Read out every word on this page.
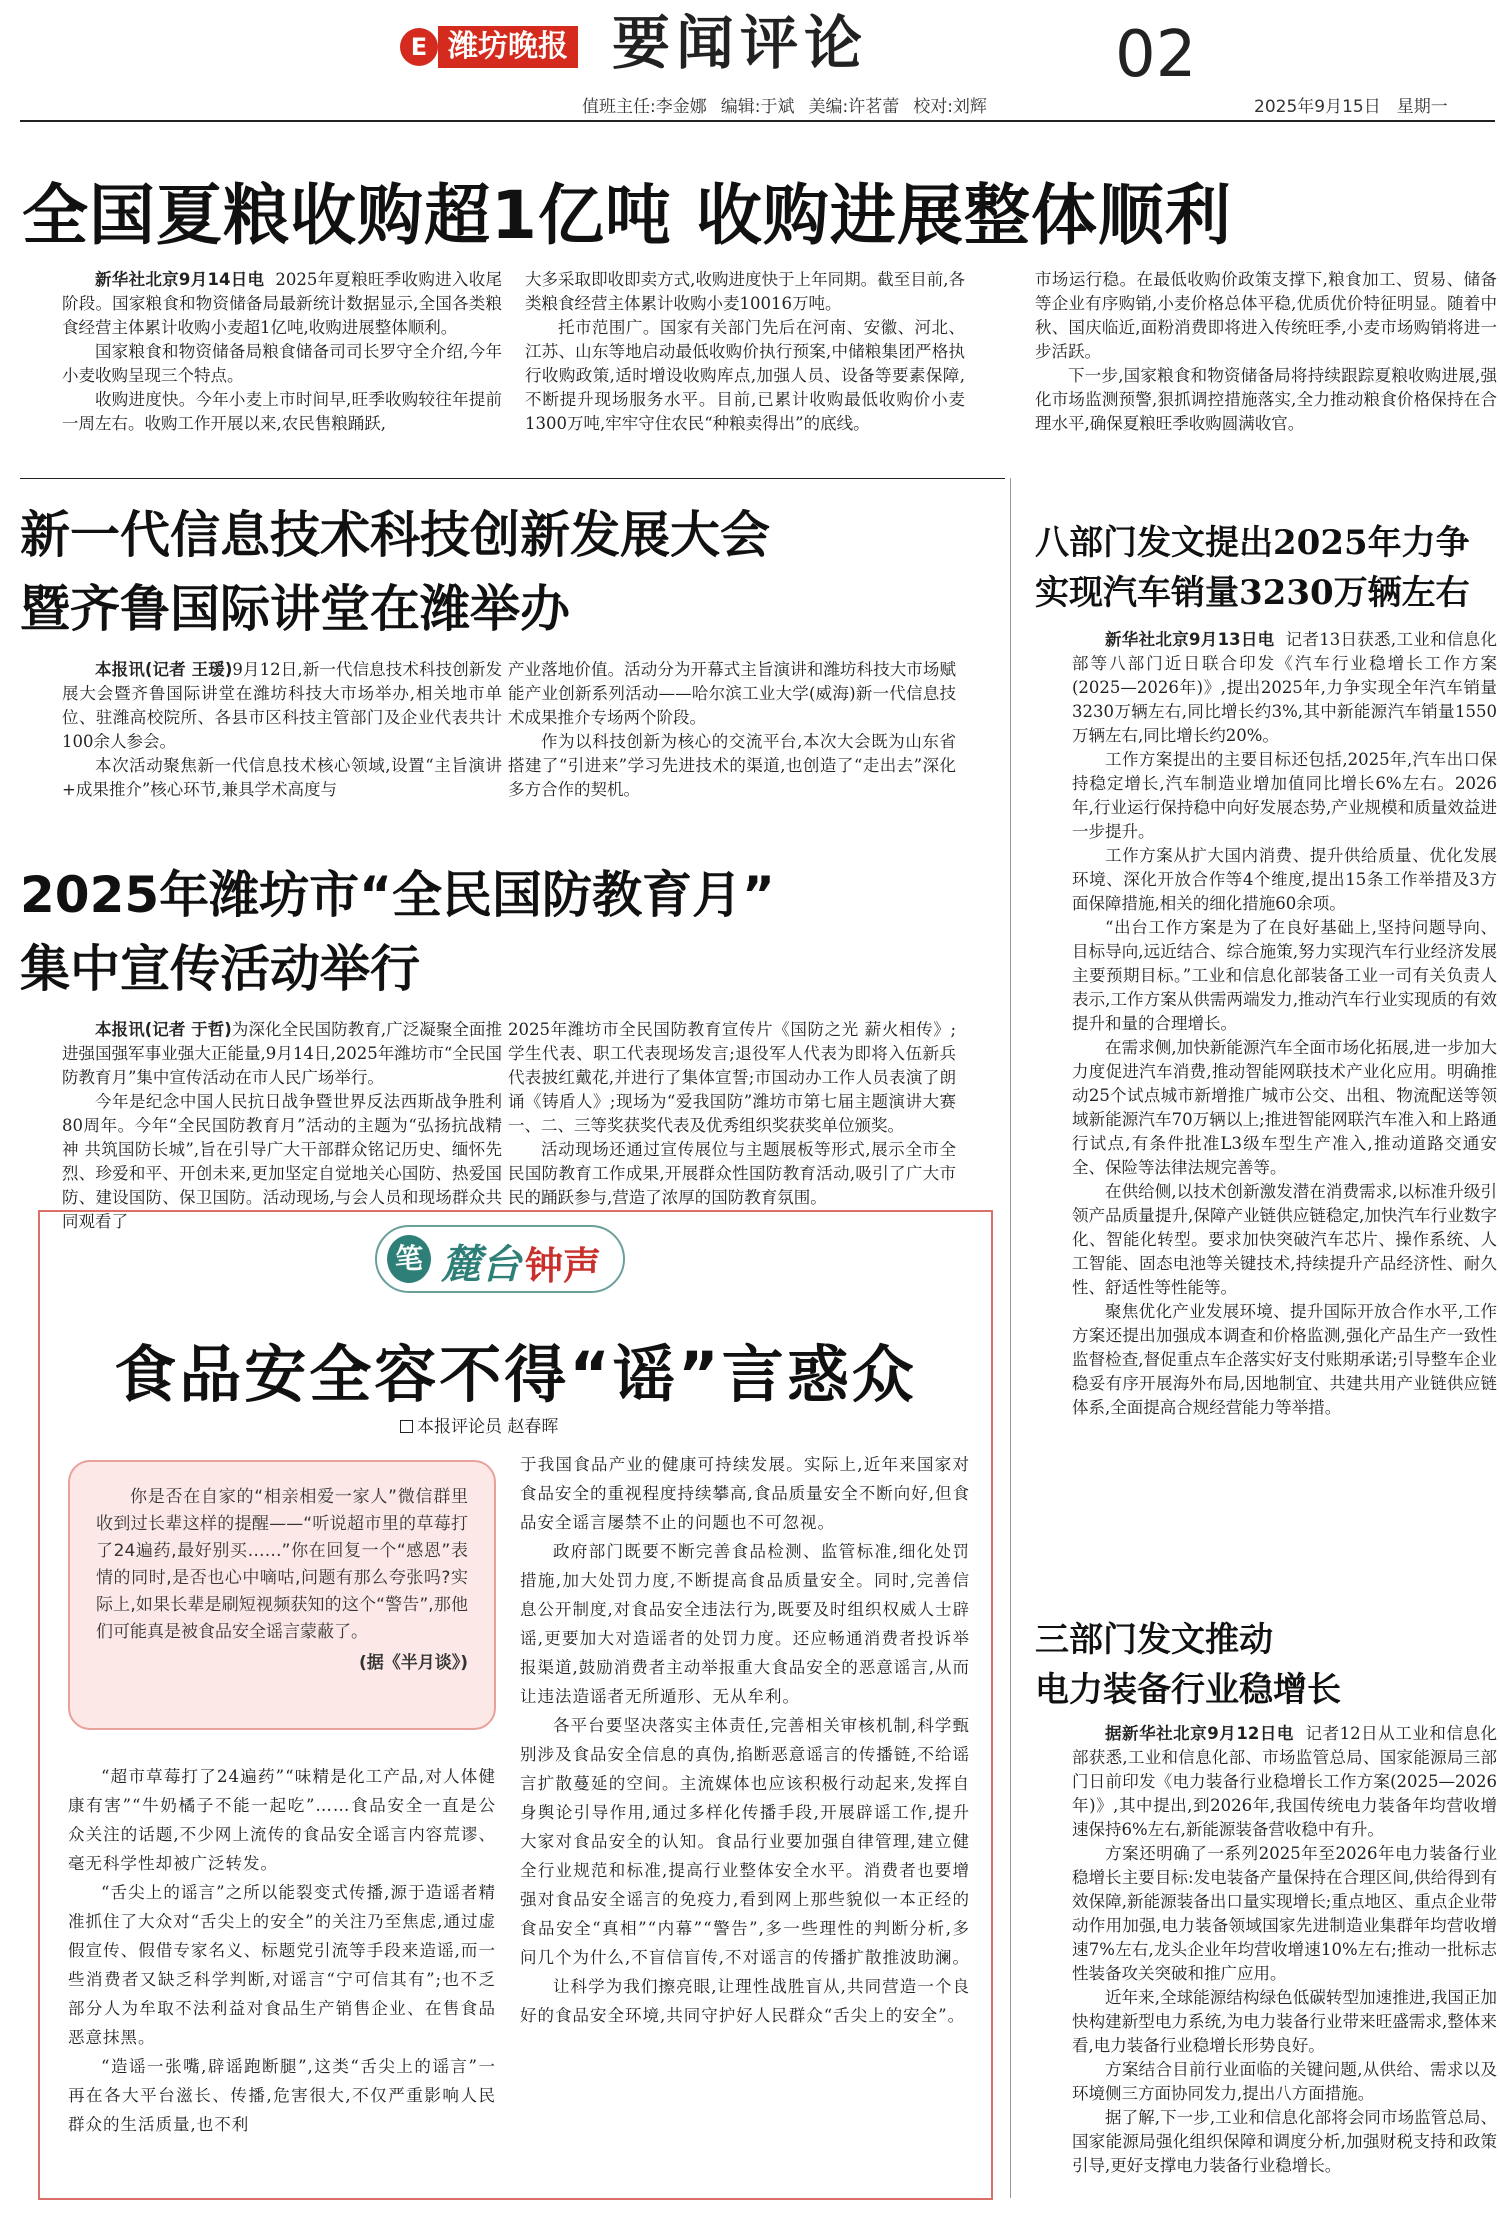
E 潍坊晚报 要闻评论	02
值班主任:李金娜 编辑:于斌 美编:许茗蕾 校对:刘辉	2025年9月15日 星期一
全国夏粮收购超1亿吨 收购进展整体顺利

新华社北京9月14日电 2025年夏粮旺季收购进入收尾阶段。国家粮食和物资储备局最新统计数据显示,全国各类粮食经营主体累计收购小麦超1亿吨,收购进展整体顺利。

国家粮食和物资储备局粮食储备司司长罗守全介绍,今年小麦收购呈现三个特点。

收购进度快。今年小麦上市时间早,旺季收购较往年提前一周左右。收购工作开展以来,农民售粮踊跃,

大多采取即收即卖方式,收购进度快于上年同期。截至目前,各类粮食经营主体累计收购小麦10016万吨。

托市范围广。国家有关部门先后在河南、安徽、河北、江苏、山东等地启动最低收购价执行预案,中储粮集团严格执行收购政策,适时增设收购库点,加强人员、设备等要素保障,不断提升现场服务水平。目前,已累计收购最低收购价小麦1300万吨,牢牢守住农民“种粮卖得出”的底线。

市场运行稳。在最低收购价政策支撑下,粮食加工、贸易、储备等企业有序购销,小麦价格总体平稳,优质优价特征明显。随着中秋、国庆临近,面粉消费即将进入传统旺季,小麦市场购销将进一步活跃。

下一步,国家粮食和物资储备局将持续跟踪夏粮收购进展,强化市场监测预警,狠抓调控措施落实,全力推动粮食价格保持在合理水平,确保夏粮旺季收购圆满收官。

新一代信息技术科技创新发展大会
暨齐鲁国际讲堂在潍举办

本报讯(记者 王瑗)9月12日,新一代信息技术科技创新发展大会暨齐鲁国际讲堂在潍坊科技大市场举办,相关地市单位、驻潍高校院所、各县市区科技主管部门及企业代表共计100余人参会。

本次活动聚焦新一代信息技术核心领域,设置“主旨演讲+成果推介”核心环节,兼具学术高度与

产业落地价值。活动分为开幕式主旨演讲和潍坊科技大市场赋能产业创新系列活动——哈尔滨工业大学(威海)新一代信息技术成果推介专场两个阶段。

作为以科技创新为核心的交流平台,本次大会既为山东省搭建了“引进来”学习先进技术的渠道,也创造了“走出去”深化多方合作的契机。

2025年潍坊市“全民国防教育月”
集中宣传活动举行

本报讯(记者 于哲)为深化全民国防教育,广泛凝聚全面推进强国强军事业强大正能量,9月14日,2025年潍坊市“全民国防教育月”集中宣传活动在市人民广场举行。

今年是纪念中国人民抗日战争暨世界反法西斯战争胜利80周年。今年“全民国防教育月”活动的主题为“弘扬抗战精神 共筑国防长城”,旨在引导广大干部群众铭记历史、缅怀先烈、珍爱和平、开创未来,更加坚定自觉地关心国防、热爱国防、建设国防、保卫国防。活动现场,与会人员和现场群众共同观看了

2025年潍坊市全民国防教育宣传片《国防之光 薪火相传》;学生代表、职工代表现场发言;退役军人代表为即将入伍新兵代表披红戴花,并进行了集体宣誓;市国动办工作人员表演了朗诵《铸盾人》;现场为“爱我国防”潍坊市第七届主题演讲大赛一、二、三等奖获奖代表及优秀组织奖获奖单位颁奖。

活动现场还通过宣传展位与主题展板等形式,展示全市全民国防教育工作成果,开展群众性国防教育活动,吸引了广大市民的踊跃参与,营造了浓厚的国防教育氛围。

八部门发文提出2025年力争
实现汽车销量3230万辆左右

新华社北京9月13日电 记者13日获悉,工业和信息化部等八部门近日联合印发《汽车行业稳增长工作方案(2025—2026年)》,提出2025年,力争实现全年汽车销量3230万辆左右,同比增长约3%,其中新能源汽车销量1550万辆左右,同比增长约20%。

工作方案提出的主要目标还包括,2025年,汽车出口保持稳定增长,汽车制造业增加值同比增长6%左右。2026年,行业运行保持稳中向好发展态势,产业规模和质量效益进一步提升。

工作方案从扩大国内消费、提升供给质量、优化发展环境、深化开放合作等4个维度,提出15条工作举措及3方面保障措施,相关的细化措施60余项。

“出台工作方案是为了在良好基础上,坚持问题导向、目标导向,远近结合、综合施策,努力实现汽车行业经济发展主要预期目标。”工业和信息化部装备工业一司有关负责人表示,工作方案从供需两端发力,推动汽车行业实现质的有效提升和量的合理增长。

在需求侧,加快新能源汽车全面市场化拓展,进一步加大力度促进汽车消费,推动智能网联技术产业化应用。明确推动25个试点城市新增推广城市公交、出租、物流配送等领域新能源汽车70万辆以上;推进智能网联汽车准入和上路通行试点,有条件批准L3级车型生产准入,推动道路交通安全、保险等法律法规完善等。

在供给侧,以技术创新激发潜在消费需求,以标准升级引领产品质量提升,保障产业链供应链稳定,加快汽车行业数字化、智能化转型。要求加快突破汽车芯片、操作系统、人工智能、固态电池等关键技术,持续提升产品经济性、耐久性、舒适性等性能等。

聚焦优化产业发展环境、提升国际开放合作水平,工作方案还提出加强成本调查和价格监测,强化产品生产一致性监督检查,督促重点车企落实好支付账期承诺;引导整车企业稳妥有序开展海外布局,因地制宜、共建共用产业链供应链体系,全面提高合规经营能力等举措。

三部门发文推动
电力装备行业稳增长

据新华社北京9月12日电 记者12日从工业和信息化部获悉,工业和信息化部、市场监管总局、国家能源局三部门日前印发《电力装备行业稳增长工作方案(2025—2026年)》,其中提出,到2026年,我国传统电力装备年均营收增速保持6%左右,新能源装备营收稳中有升。

方案还明确了一系列2025年至2026年电力装备行业稳增长主要目标:发电装备产量保持在合理区间,供给得到有效保障,新能源装备出口量实现增长;重点地区、重点企业带动作用加强,电力装备领域国家先进制造业集群年均营收增速7%左右,龙头企业年均营收增速10%左右;推动一批标志性装备攻关突破和推广应用。

近年来,全球能源结构绿色低碳转型加速推进,我国正加快构建新型电力系统,为电力装备行业带来旺盛需求,整体来看,电力装备行业稳增长形势良好。

方案结合目前行业面临的关键问题,从供给、需求以及环境侧三方面协同发力,提出八方面措施。

据了解,下一步,工业和信息化部将会同市场监管总局、国家能源局强化组织保障和调度分析,加强财税支持和政策引导,更好支撑电力装备行业稳增长。

笔 麓台 钟声
食品安全容不得“谣”言惑众
本报评论员 赵春晖

你是否在自家的“相亲相爱一家人”微信群里收到过长辈这样的提醒——“听说超市里的草莓打了24遍药,最好别买……”你在回复一个“感恩”表情的同时,是否也心中嘀咕,问题有那么夸张吗?实际上,如果长辈是刷短视频获知的这个“警告”,那他们可能真是被食品安全谣言蒙蔽了。

(据《半月谈》)

“超市草莓打了24遍药”“味精是化工产品,对人体健康有害”“牛奶橘子不能一起吃”……食品安全一直是公众关注的话题,不少网上流传的食品安全谣言内容荒谬、毫无科学性却被广泛转发。

“舌尖上的谣言”之所以能裂变式传播,源于造谣者精准抓住了大众对“舌尖上的安全”的关注乃至焦虑,通过虚假宣传、假借专家名义、标题党引流等手段来造谣,而一些消费者又缺乏科学判断,对谣言“宁可信其有”;也不乏部分人为牟取不法利益对食品生产销售企业、在售食品恶意抹黑。

“造谣一张嘴,辟谣跑断腿”,这类“舌尖上的谣言”一再在各大平台滋长、传播,危害很大,不仅严重影响人民群众的生活质量,也不利

于我国食品产业的健康可持续发展。实际上,近年来国家对食品安全的重视程度持续攀高,食品质量安全不断向好,但食品安全谣言屡禁不止的问题也不可忽视。

政府部门既要不断完善食品检测、监管标准,细化处罚措施,加大处罚力度,不断提高食品质量安全。同时,完善信息公开制度,对食品安全违法行为,既要及时组织权威人士辟谣,更要加大对造谣者的处罚力度。还应畅通消费者投诉举报渠道,鼓励消费者主动举报重大食品安全的恶意谣言,从而让违法造谣者无所遁形、无从牟利。

各平台要坚决落实主体责任,完善相关审核机制,科学甄别涉及食品安全信息的真伪,掐断恶意谣言的传播链,不给谣言扩散蔓延的空间。主流媒体也应该积极行动起来,发挥自身舆论引导作用,通过多样化传播手段,开展辟谣工作,提升大家对食品安全的认知。食品行业要加强自律管理,建立健全行业规范和标准,提高行业整体安全水平。消费者也要增强对食品安全谣言的免疫力,看到网上那些貌似一本正经的食品安全“真相”“内幕”“警告”,多一些理性的判断分析,多问几个为什么,不盲信盲传,不对谣言的传播扩散推波助澜。

让科学为我们擦亮眼,让理性战胜盲从,共同营造一个良好的食品安全环境,共同守护好人民群众“舌尖上的安全”。
